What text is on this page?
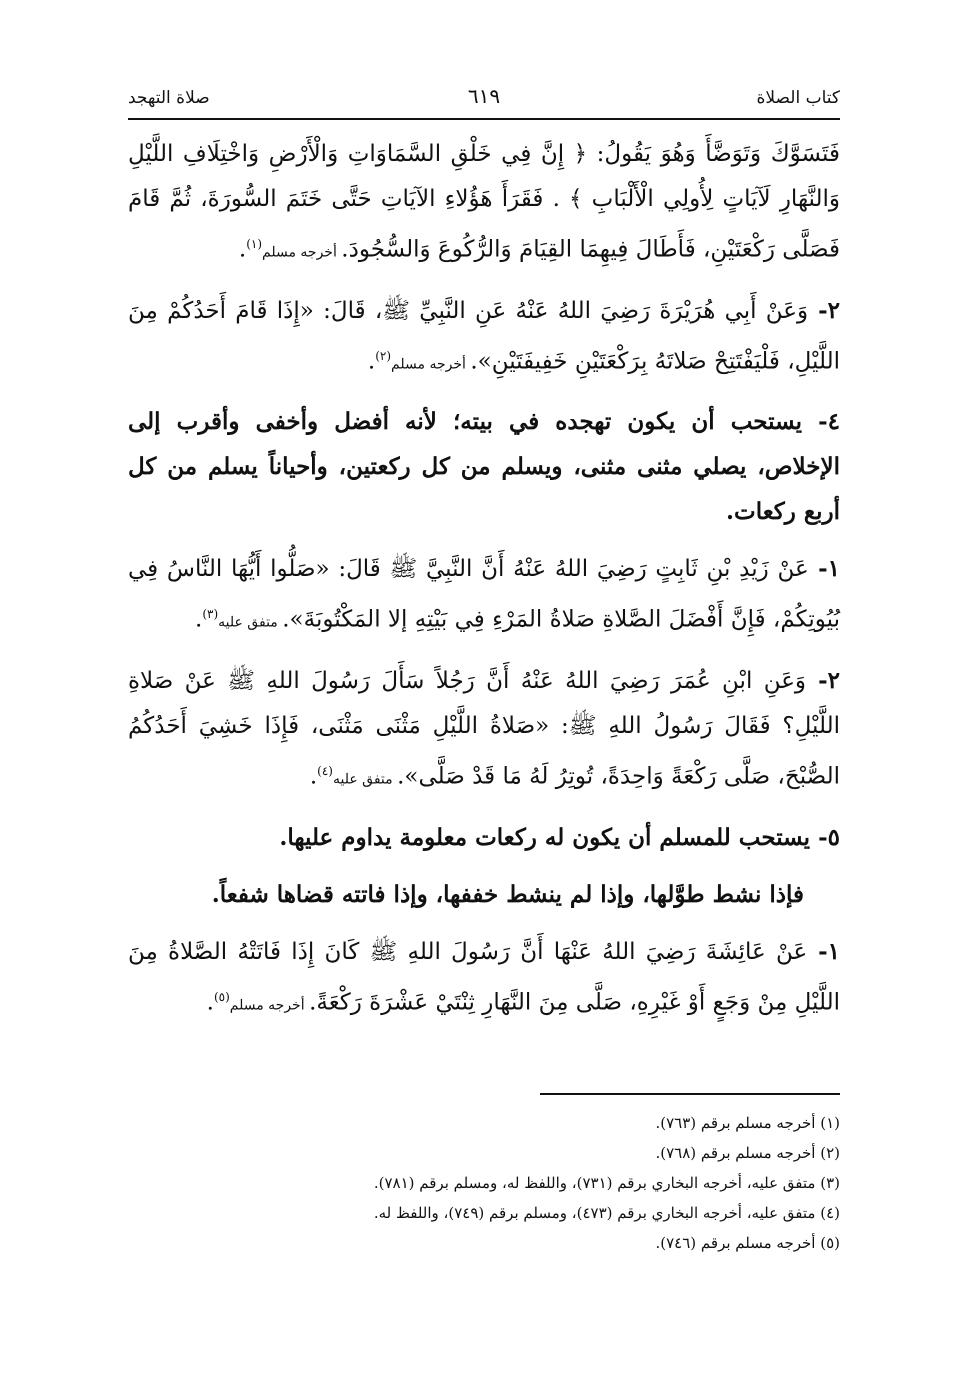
كتاب الصلاة
٦١٩
صلاة التهجد

فَتَسَوَّكَ وَتَوَضَّأَ وَهُوَ يَقُولُ: ﴿ إِنَّ فِي خَلْقِ السَّمَاوَاتِ وَالْأَرْضِ وَاخْتِلَافِ اللَّيْلِ وَالنَّهَارِ لَآيَاتٍ لِأُولِي الْأَلْبَابِ ﴾ . فَقَرَأَ هَؤُلاءِ الآيَاتِ حَتَّى خَتَمَ السُّورَةَ، ثُمَّ قَامَ فَصَلَّى رَكْعَتَيْنِ، فَأَطَالَ فِيهِمَا القِيَامَ وَالرُّكُوعَ وَالسُّجُودَ. أخرجه مسلم$^{(١)}$.

٢- وَعَنْ أَبِي هُرَيْرَةَ رَضِيَ اللهُ عَنْهُ عَنِ النَّبِيِّ ﷺ، قَالَ: «إِذَا قَامَ أَحَدُكُمْ مِنَ اللَّيْلِ، فَلْيَفْتَتِحْ صَلاتَهُ بِرَكْعَتَيْنِ خَفِيفَتَيْنِ». أخرجه مسلم$^{(٢)}$.

٤- يستحب أن يكون تهجده في بيته؛ لأنه أفضل وأخفى وأقرب إلى الإخلاص، يصلي مثنى مثنى، ويسلم من كل ركعتين، وأحياناً يسلم من كل أربع ركعات.

١- عَنْ زَيْدِ بْنِ ثَابِتٍ رَضِيَ اللهُ عَنْهُ أَنَّ النَّبِيَّ ﷺ قَالَ: «صَلُّوا أَيُّهَا النَّاسُ فِي بُيُوتِكُمْ، فَإِنَّ أَفْضَلَ الصَّلاةِ صَلاةُ المَرْءِ فِي بَيْتِهِ إلا المَكْتُوبَةَ». متفق عليه$^{(٣)}$.

٢- وَعَنِ ابْنِ عُمَرَ رَضِيَ اللهُ عَنْهُ أَنَّ رَجُلاً سَأَلَ رَسُولَ اللهِ ﷺ عَنْ صَلاةِ اللَّيْلِ؟ فَقَالَ رَسُولُ اللهِ ﷺ: «صَلاةُ اللَّيْلِ مَثْنَى مَثْنَى، فَإِذَا خَشِيَ أَحَدُكُمُ الصُّبْحَ، صَلَّى رَكْعَةً وَاحِدَةً، تُوتِرُ لَهُ مَا قَدْ صَلَّى». متفق عليه$^{(٤)}$.

٥- يستحب للمسلم أن يكون له ركعات معلومة يداوم عليها.

فإذا نشط طوَّلها، وإذا لم ينشط خففها، وإذا فاتته قضاها شفعاً.

١- عَنْ عَائِشَةَ رَضِيَ اللهُ عَنْهَا أَنَّ رَسُولَ اللهِ ﷺ كَانَ إِذَا فَاتَتْهُ الصَّلاةُ مِنَ اللَّيْلِ مِنْ وَجَعٍ أَوْ غَيْرِهِ، صَلَّى مِنَ النَّهَارِ ثِنْتَيْ عَشْرَةَ رَكْعَةً. أخرجه مسلم$^{(٥)}$.

(١) أخرجه مسلم برقم (٧٦٣).

(٢) أخرجه مسلم برقم (٧٦٨).

(٣) متفق عليه، أخرجه البخاري برقم (٧٣١)، واللفظ له، ومسلم برقم (٧٨١).

(٤) متفق عليه، أخرجه البخاري برقم (٤٧٣)، ومسلم برقم (٧٤٩)، واللفظ له.

(٥) أخرجه مسلم برقم (٧٤٦).
